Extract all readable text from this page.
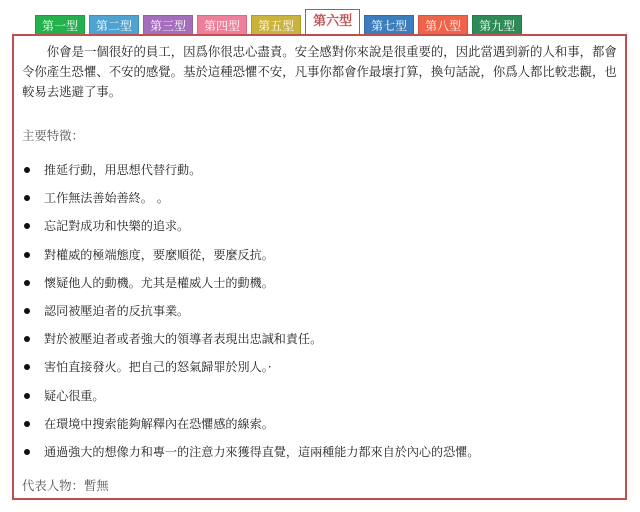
第一型	第二型	第三型	第四型	第五型	第六型	第七型	第八型	第九型

你會是一個很好的員工，因爲你很忠心盡責。安全感對你來說是很重要的，因此當遇到新的人和事，都會令你產生恐懼、不安的感覺。基於這種恐懼不安，凡事你都會作最壞打算，換句話說，你爲人都比較悲觀，也較易去逃避了事。

主要特徵：

推延行動，用思想代替行動。
工作無法善始善終。 。
忘記對成功和快樂的追求。
對權威的極端態度，要麼順從，要麼反抗。
懷疑他人的動機。尤其是權威人士的動機。
認同被壓迫者的反抗事業。
對於被壓迫者或者強大的領導者表現出忠誠和責任。
害怕直接發火。把自己的怒氣歸罪於別人。·
疑心很重。
在環境中搜索能夠解釋內在恐懼感的線索。
通過強大的想像力和專一的注意力來獲得直覺，這兩種能力都來自於內心的恐懼。

代表人物：暫無
